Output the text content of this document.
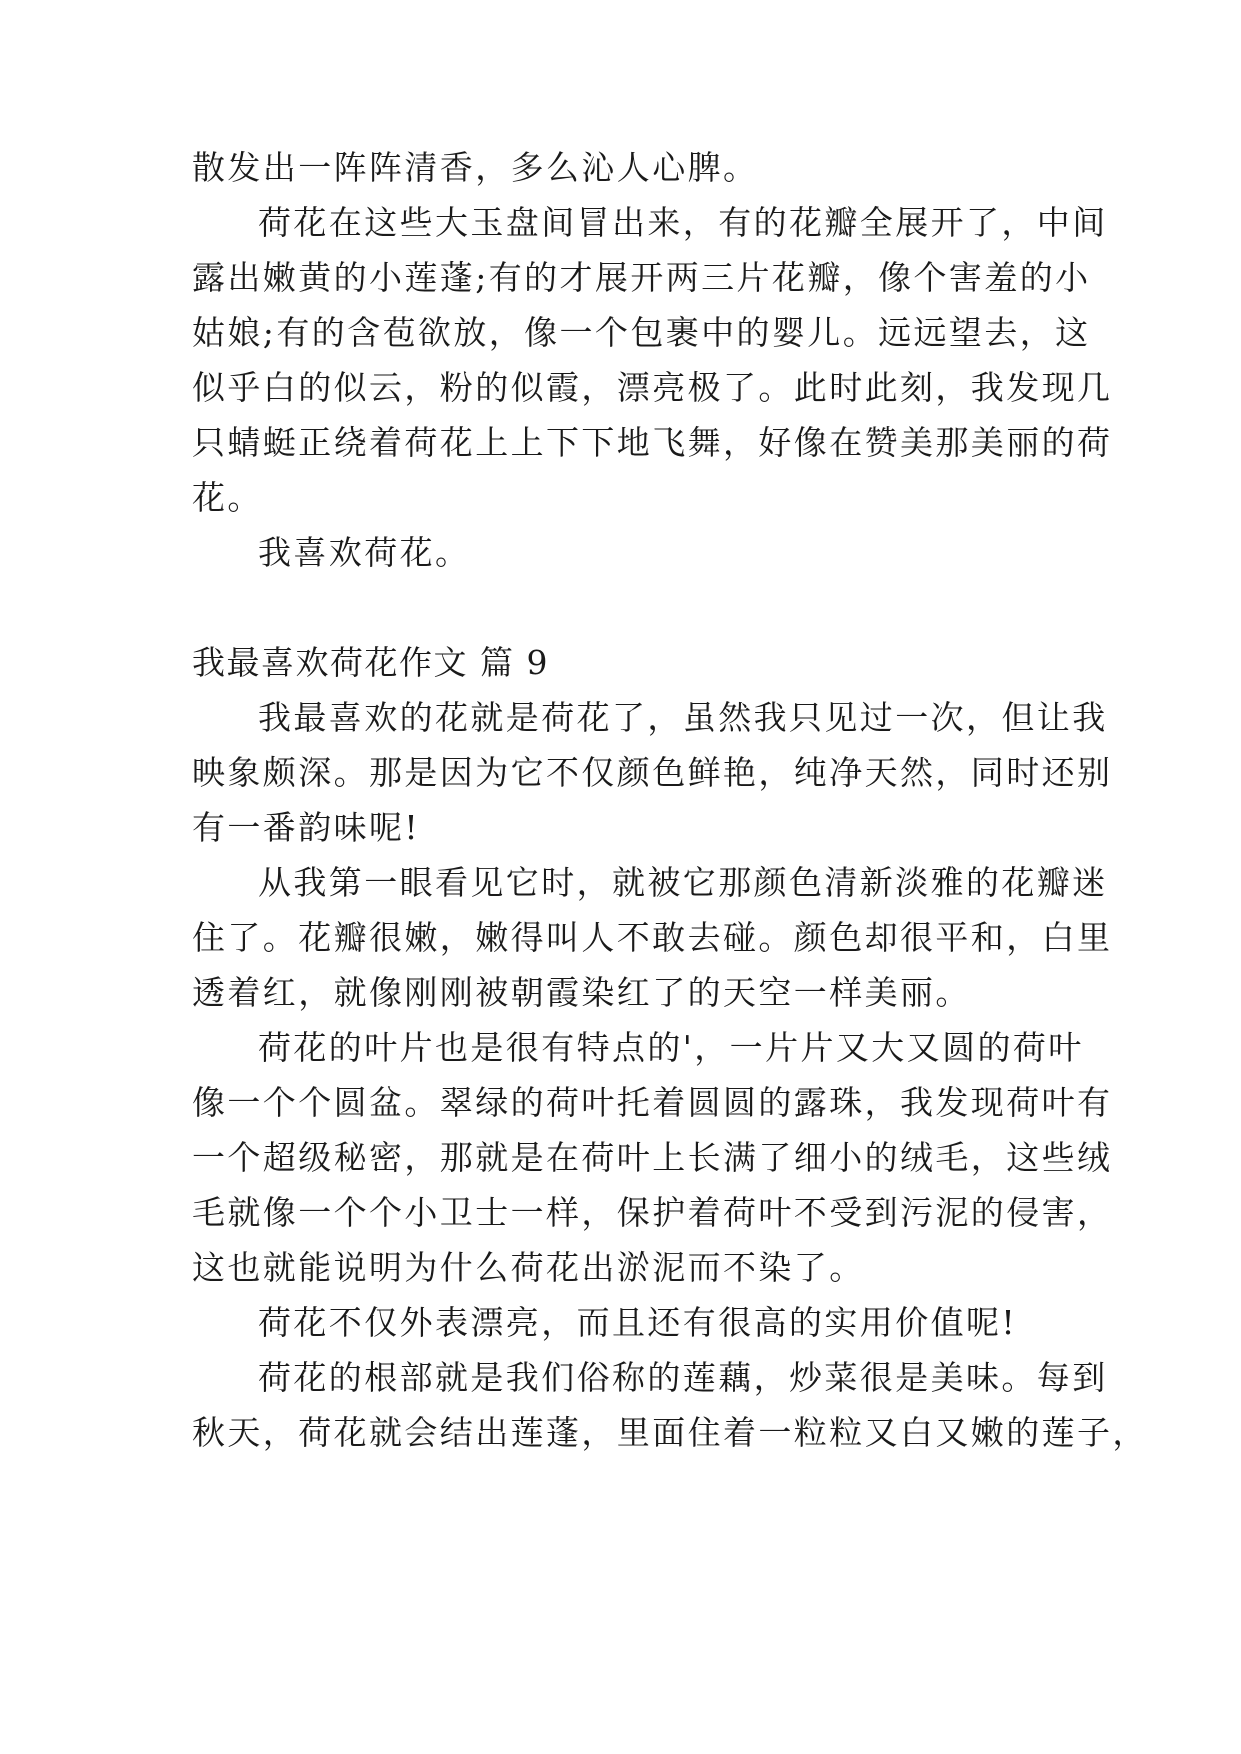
散发出一阵阵清香，多么沁人心脾。
荷花在这些大玉盘间冒出来，有的花瓣全展开了，中间
露出嫩黄的小莲蓬;有的才展开两三片花瓣，像个害羞的小
姑娘;有的含苞欲放，像一个包裹中的婴儿。远远望去，这
似乎白的似云，粉的似霞，漂亮极了。此时此刻，我发现几
只蜻蜓正绕着荷花上上下下地飞舞，好像在赞美那美丽的荷
花。
我喜欢荷花。
我最喜欢荷花作文 篇 9
我最喜欢的花就是荷花了，虽然我只见过一次，但让我
映象颇深。那是因为它不仅颜色鲜艳，纯净天然，同时还别
有一番韵味呢!
从我第一眼看见它时，就被它那颜色清新淡雅的花瓣迷
住了。花瓣很嫩，嫩得叫人不敢去碰。颜色却很平和，白里
透着红，就像刚刚被朝霞染红了的天空一样美丽。
荷花的叶片也是很有特点的'，一片片又大又圆的荷叶
像一个个圆盆。翠绿的荷叶托着圆圆的露珠，我发现荷叶有
一个超级秘密，那就是在荷叶上长满了细小的绒毛，这些绒
毛就像一个个小卫士一样，保护着荷叶不受到污泥的侵害，
这也就能说明为什么荷花出淤泥而不染了。
荷花不仅外表漂亮，而且还有很高的实用价值呢!
荷花的根部就是我们俗称的莲藕，炒菜很是美味。每到
秋天，荷花就会结出莲蓬，里面住着一粒粒又白又嫩的莲子，
